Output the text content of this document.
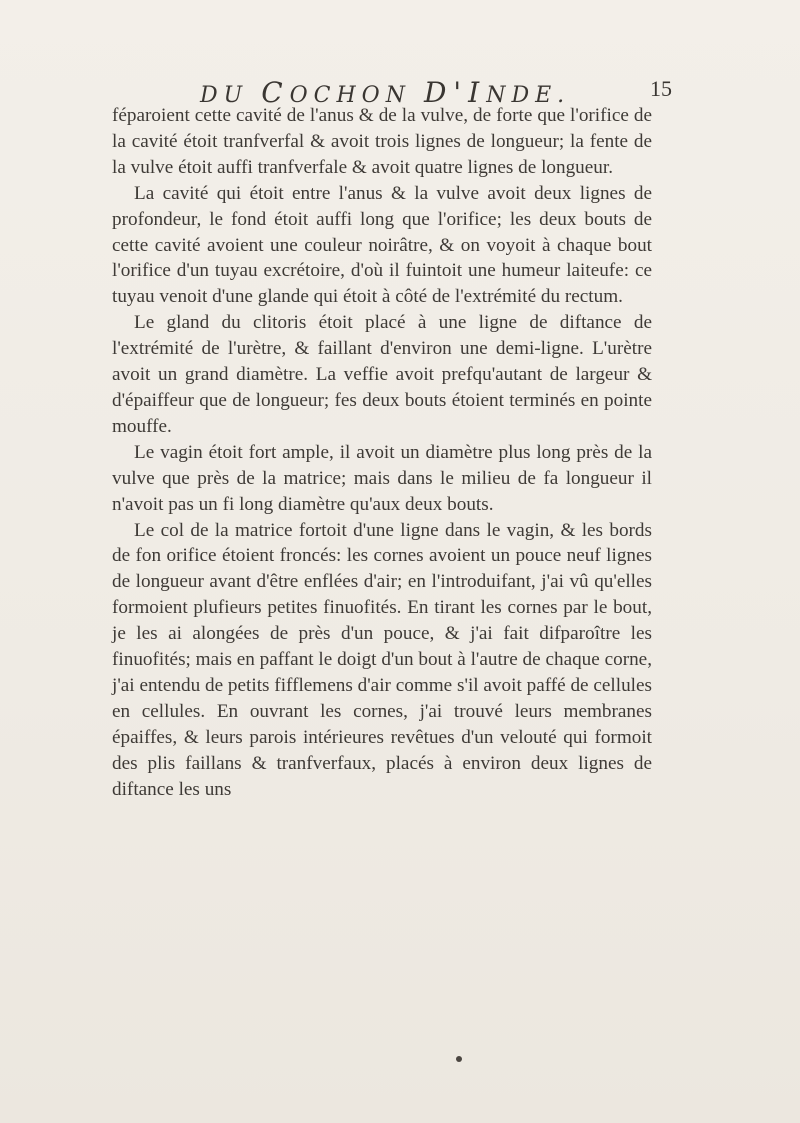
DU COCHON D'INDE.	15

féparoient cette cavité de l'anus & de la vulve, de forte que l'orifice de la cavité étoit tranfverfal & avoit trois lignes de longueur; la fente de la vulve étoit auffi tranfverfale & avoit quatre lignes de longueur.

La cavité qui étoit entre l'anus & la vulve avoit deux lignes de profondeur, le fond étoit auffi long que l'orifice; les deux bouts de cette cavité avoient une couleur noirâtre, & on voyoit à chaque bout l'orifice d'un tuyau excrétoire, d'où il fuintoit une humeur laiteufe: ce tuyau venoit d'une glande qui étoit à côté de l'extrémité du rectum.

Le gland du clitoris étoit placé à une ligne de diftance de l'extrémité de l'urètre, & faillant d'environ une demi-ligne. L'urètre avoit un grand diamètre. La veffie avoit prefqu'autant de largeur & d'épaiffeur que de longueur; fes deux bouts étoient terminés en pointe mouffe.

Le vagin étoit fort ample, il avoit un diamètre plus long près de la vulve que près de la matrice; mais dans le milieu de fa longueur il n'avoit pas un fi long diamètre qu'aux deux bouts.

Le col de la matrice fortoit d'une ligne dans le vagin, & les bords de fon orifice étoient froncés: les cornes avoient un pouce neuf lignes de longueur avant d'être enflées d'air; en l'introduifant, j'ai vû qu'elles formoient plufieurs petites finuofités. En tirant les cornes par le bout, je les ai alongées de près d'un pouce, & j'ai fait difparoître les finuofités; mais en paffant le doigt d'un bout à l'autre de chaque corne, j'ai entendu de petits fifflemens d'air comme s'il avoit paffé de cellules en cellules. En ouvrant les cornes, j'ai trouvé leurs membranes épaiffes, & leurs parois intérieures revêtues d'un velouté qui formoit des plis faillans & tranfverfaux, placés à environ deux lignes de diftance les uns
